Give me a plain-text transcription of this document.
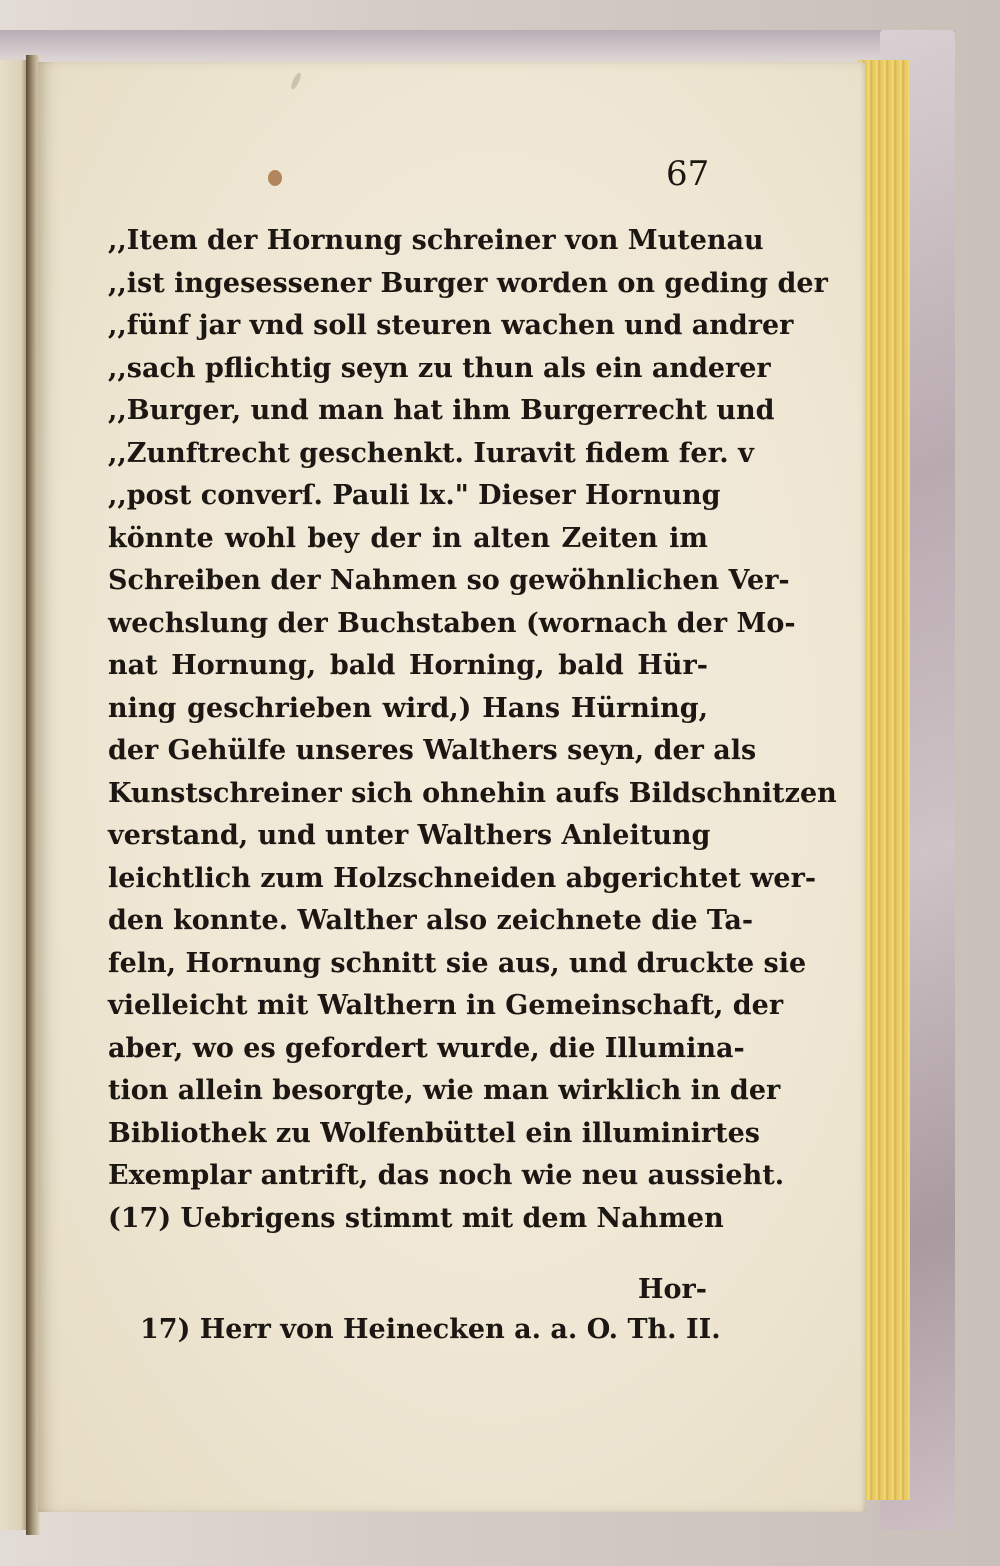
67
,,Item der Hornung schreiner von Mutenau
,,ist ingesessener Burger worden on geding der
,,fünf jar vnd soll steuren wachen und andrer
,,sach pflichtig seyn zu thun als ein anderer
,,Burger, und man hat ihm Burgerrecht und
,,Zunftrecht geschenkt. Iuravit fidem fer. v
,,post converſ. Pauli lx." Dieser Hornung
könnte wohl bey der in alten Zeiten im
Schreiben der Nahmen so gewöhnlichen Ver-
wechslung der Buchstaben (wornach der Mo-
nat Hornung, bald Horning, bald Hür-
ning geschrieben wird,) Hans Hürning,
der Gehülfe unseres Walthers seyn, der als
Kunstschreiner sich ohnehin aufs Bildschnitzen
verstand, und unter Walthers Anleitung
leichtlich zum Holzschneiden abgerichtet wer-
den konnte. Walther also zeichnete die Ta-
feln, Hornung schnitt sie aus, und druckte sie
vielleicht mit Walthern in Gemeinschaft, der
aber, wo es gefordert wurde, die Illumina-
tion allein besorgte, wie man wirklich in der
Bibliothek zu Wolfenbüttel ein illuminirtes
Exemplar antrift, das noch wie neu aussieht.
(17) Uebrigens stimmt mit dem Nahmen
Hor-
17) Herr von Heinecken a. a. O. Th. II.
